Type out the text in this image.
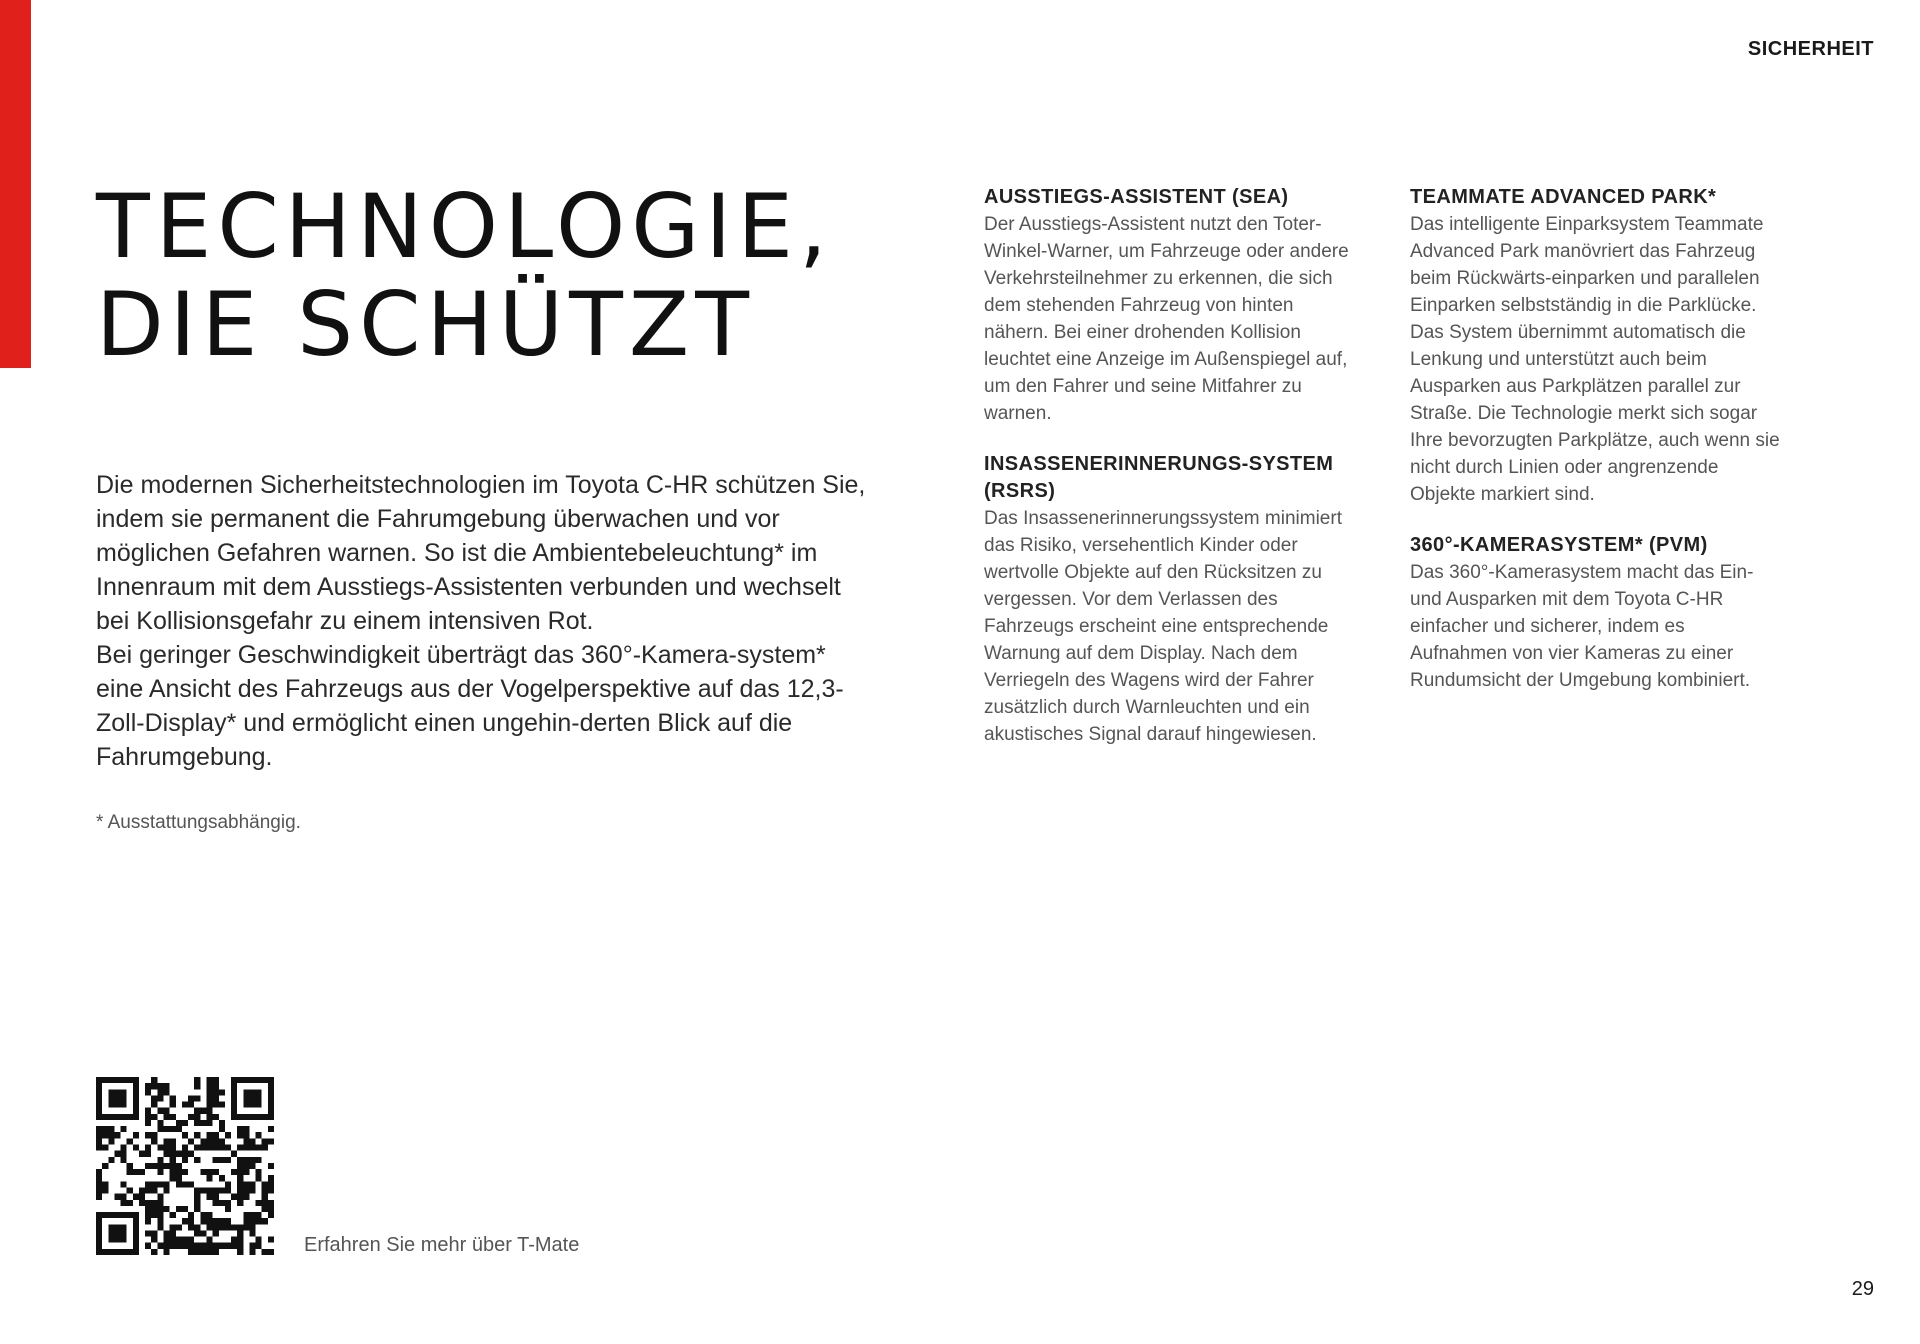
SICHERHEIT
TECHNOLOGIE,
DIE SCHÜTZT

Die modernen Sicherheitstechnologien im Toyota C-HR schützen Sie, indem sie permanent die Fahrumgebung überwachen und vor möglichen Gefahren warnen. So ist die Ambientebeleuchtung* im Innenraum mit dem Ausstiegs-Assistenten verbunden und wechselt bei Kollisionsgefahr zu einem intensiven Rot.

Bei geringer Geschwindigkeit überträgt das 360°-Kamera-system* eine Ansicht des Fahrzeugs aus der Vogelperspektive auf das 12,3-Zoll-Display* und ermöglicht einen ungehin-derten Blick auf die Fahrumgebung.

* Ausstattungsabhängig.
AUSSTIEGS-ASSISTENT (SEA)

Der Ausstiegs-Assistent nutzt den Toter-Winkel-Warner, um Fahrzeuge oder andere Verkehrsteilnehmer zu erkennen, die sich dem stehenden Fahrzeug von hinten nähern. Bei einer drohenden Kollision leuchtet eine Anzeige im Außenspiegel auf, um den Fahrer und seine Mitfahrer zu warnen.

INSASSENERINNERUNGS-SYSTEM (RSRS)

Das Insassenerinnerungssystem minimiert das Risiko, versehentlich Kinder oder wertvolle Objekte auf den Rücksitzen zu vergessen. Vor dem Verlassen des Fahrzeugs erscheint eine entsprechende Warnung auf dem Display. Nach dem Verriegeln des Wagens wird der Fahrer zusätzlich durch Warnleuchten und ein akustisches Signal darauf hingewiesen.

TEAMMATE ADVANCED PARK*

Das intelligente Einparksystem Teammate Advanced Park manövriert das Fahrzeug beim Rückwärts-einparken und parallelen Einparken selbstständig in die Parklücke. Das System übernimmt automatisch die Lenkung und unterstützt auch beim Ausparken aus Parkplätzen parallel zur Straße. Die Technologie merkt sich sogar Ihre bevorzugten Parkplätze, auch wenn sie nicht durch Linien oder angrenzende Objekte markiert sind.

360°-KAMERASYSTEM* (PVM)

Das 360°-Kamerasystem macht das Ein- und Ausparken mit dem Toyota C-HR einfacher und sicherer, indem es Aufnahmen von vier Kameras zu einer Rundumsicht der Umgebung kombiniert.

Erfahren Sie mehr über T-Mate
29
